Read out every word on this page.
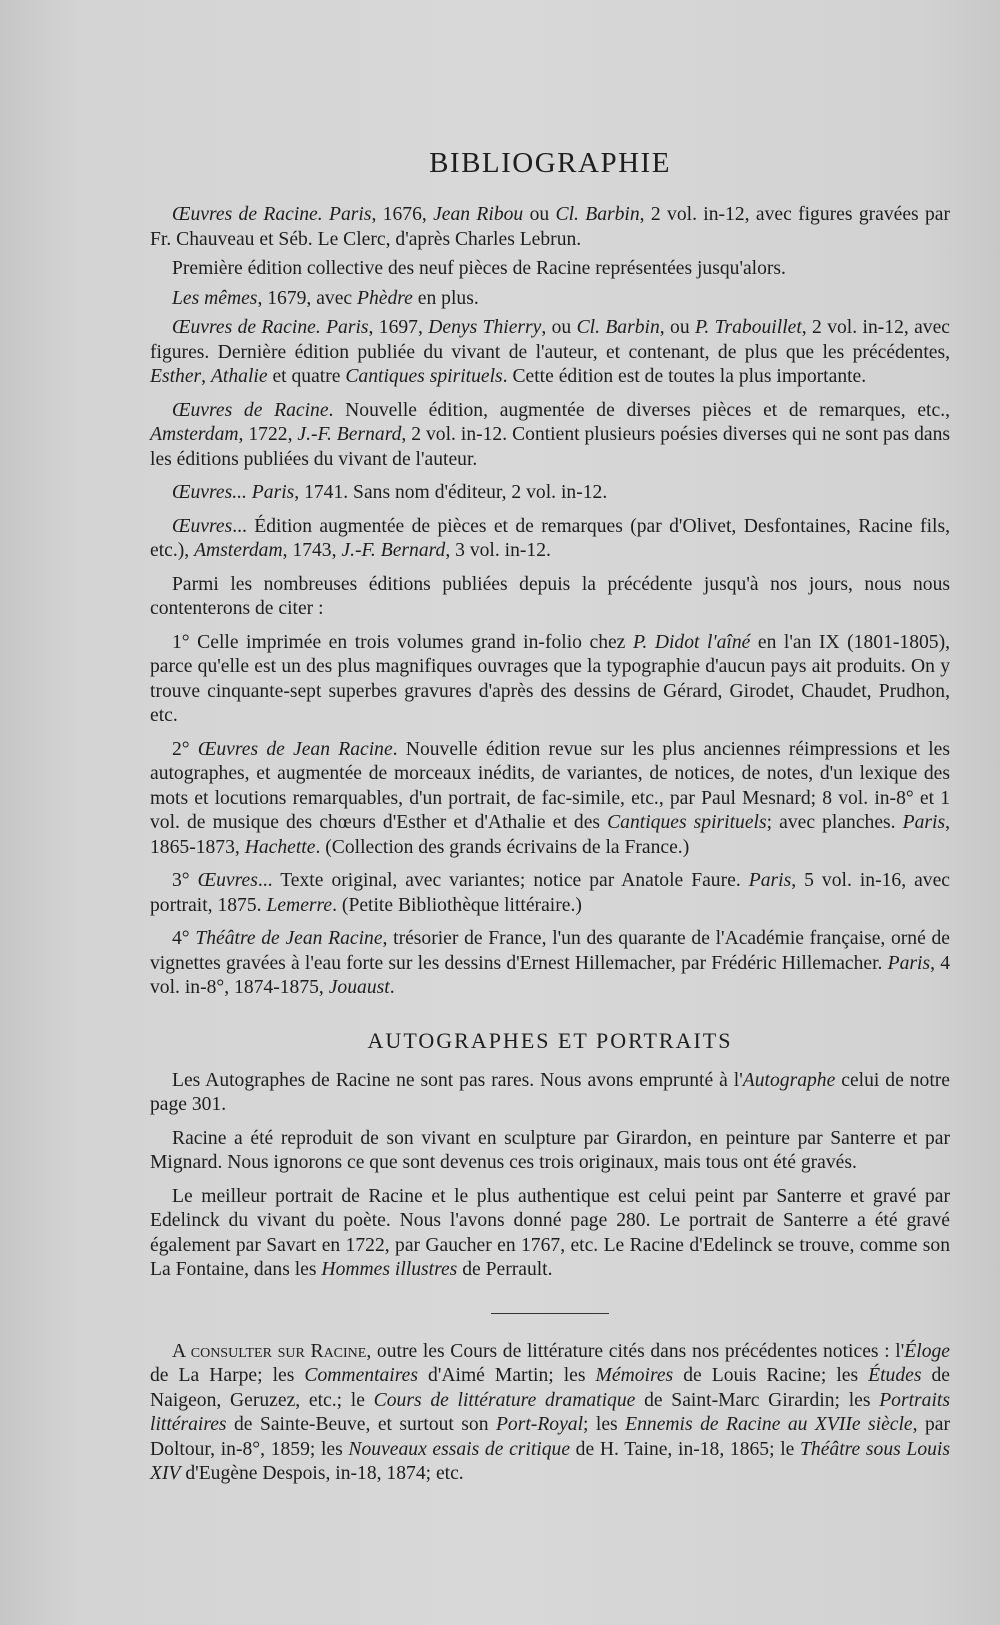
BIBLIOGRAPHIE

Œuvres de Racine. Paris, 1676, Jean Ribou ou Cl. Barbin, 2 vol. in-12, avec figures gravées par Fr. Chauveau et Séb. Le Clerc, d'après Charles Lebrun.

Première édition collective des neuf pièces de Racine représentées jusqu'alors.

Les mêmes, 1679, avec Phèdre en plus.

Œuvres de Racine. Paris, 1697, Denys Thierry, ou Cl. Barbin, ou P. Trabouillet, 2 vol. in-12, avec figures. Dernière édition publiée du vivant de l'auteur, et contenant, de plus que les précédentes, Esther, Athalie et quatre Cantiques spirituels. Cette édition est de toutes la plus importante.

Œuvres de Racine. Nouvelle édition, augmentée de diverses pièces et de remarques, etc., Amsterdam, 1722, J.-F. Bernard, 2 vol. in-12. Contient plusieurs poésies diverses qui ne sont pas dans les éditions publiées du vivant de l'auteur.

Œuvres... Paris, 1741. Sans nom d'éditeur, 2 vol. in-12.

Œuvres... Édition augmentée de pièces et de remarques (par d'Olivet, Desfontaines, Racine fils, etc.), Amsterdam, 1743, J.-F. Bernard, 3 vol. in-12.

Parmi les nombreuses éditions publiées depuis la précédente jusqu'à nos jours, nous nous contenterons de citer :

1° Celle imprimée en trois volumes grand in-folio chez P. Didot l'aîné en l'an IX (1801-1805), parce qu'elle est un des plus magnifiques ouvrages que la typographie d'aucun pays ait produits. On y trouve cinquante-sept superbes gravures d'après des dessins de Gérard, Girodet, Chaudet, Prudhon, etc.

2° Œuvres de Jean Racine. Nouvelle édition revue sur les plus anciennes réimpressions et les autographes, et augmentée de morceaux inédits, de variantes, de notices, de notes, d'un lexique des mots et locutions remarquables, d'un portrait, de fac-simile, etc., par Paul Mesnard; 8 vol. in-8° et 1 vol. de musique des chœurs d'Esther et d'Athalie et des Cantiques spirituels; avec planches. Paris, 1865-1873, Hachette. (Collection des grands écrivains de la France.)

3° Œuvres... Texte original, avec variantes; notice par Anatole Faure. Paris, 5 vol. in-16, avec portrait, 1875. Lemerre. (Petite Bibliothèque littéraire.)

4° Théâtre de Jean Racine, trésorier de France, l'un des quarante de l'Académie française, orné de vignettes gravées à l'eau forte sur les dessins d'Ernest Hillemacher, par Frédéric Hillemacher. Paris, 4 vol. in-8°, 1874-1875, Jouaust.

AUTOGRAPHES ET PORTRAITS

Les Autographes de Racine ne sont pas rares. Nous avons emprunté à l'Autographe celui de notre page 301.

Racine a été reproduit de son vivant en sculpture par Girardon, en peinture par Santerre et par Mignard. Nous ignorons ce que sont devenus ces trois originaux, mais tous ont été gravés.

Le meilleur portrait de Racine et le plus authentique est celui peint par Santerre et gravé par Edelinck du vivant du poète. Nous l'avons donné page 280. Le portrait de Santerre a été gravé également par Savart en 1722, par Gaucher en 1767, etc. Le Racine d'Edelinck se trouve, comme son La Fontaine, dans les Hommes illustres de Perrault.

A consulter sur Racine, outre les Cours de littérature cités dans nos précédentes notices : l'Éloge de La Harpe; les Commentaires d'Aimé Martin; les Mémoires de Louis Racine; les Études de Naigeon, Geruzez, etc.; le Cours de littérature dramatique de Saint-Marc Girardin; les Portraits littéraires de Sainte-Beuve, et surtout son Port-Royal; les Ennemis de Racine au XVIIe siècle, par Doltour, in-8°, 1859; les Nouveaux essais de critique de H. Taine, in-18, 1865; le Théâtre sous Louis XIV d'Eugène Despois, in-18, 1874; etc.
